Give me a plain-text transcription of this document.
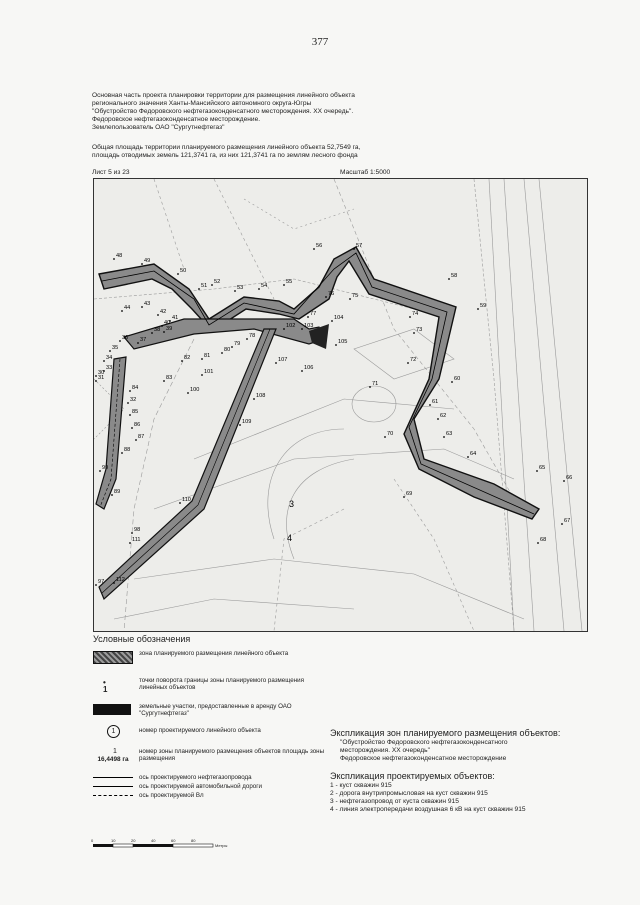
377
Основная часть проекта планировки территории для размещения линейного объекта
регионального значения Ханты-Мансийского автономного округа-Югры
"Обустройство Федоровского нефтегазоконденсатного месторождения. XX очередь".
Федоровское нефтегазоконденсатное месторождение.
Землепользователь ОАО "Сургутнефтегаз"
Общая площадь территории планируемого размещения линейного объекта 52,7549 га,
площадь отводимых земель 121,3741 га, из них 121,3741 га по землям лесного фонда
Лист 5 из 23	Масштаб 1:5000
48
49
50
51
52
53	54
55
56	57
58
59
44
43
42
41
40
39
38
37
36
35
34
33
31
30
32
85
86
87
88
89
84
83
82 81
80
79
78
77
76	75
74
73
72
71
60
61
62
63
64
65
66
67
68
69
70
99
98
97
111
112
110
100
101
102 103
104
105
106
107
108
109
3
4
Условные обозначения
зона планируемого размещения линейного объекта
• 1
точки поворота границы зоны планируемого размещения линейных объектов
земельные участки, предоставленные в аренду ОАО "Сургутнефтегаз"
1	номер проектируемого линейного объекта
1
16,4498 га
номер зоны планируемого размещения объектов площадь зоны размещения
ось проектируемого нефтегазопровода
ось проектируемой автомобильной дороги
ось проектируемой Вл
Экспликация зон планируемого размещения объектов:
"Обустройство Федоровского нефтегазоконденсатного
месторождения. XX очередь"
Федоровское нефтегазоконденсатное месторождение
Экспликация проектируемых объектов:
1 - куст скважин 915
2 - дорога внутрипромысловая на куст скважин 915
3 - нефтегазопровод от куста скважин 915
4 - линия электропередачи воздушная 6 кВ на куст скважин 915
0	10	20	40	60	80
Метры
